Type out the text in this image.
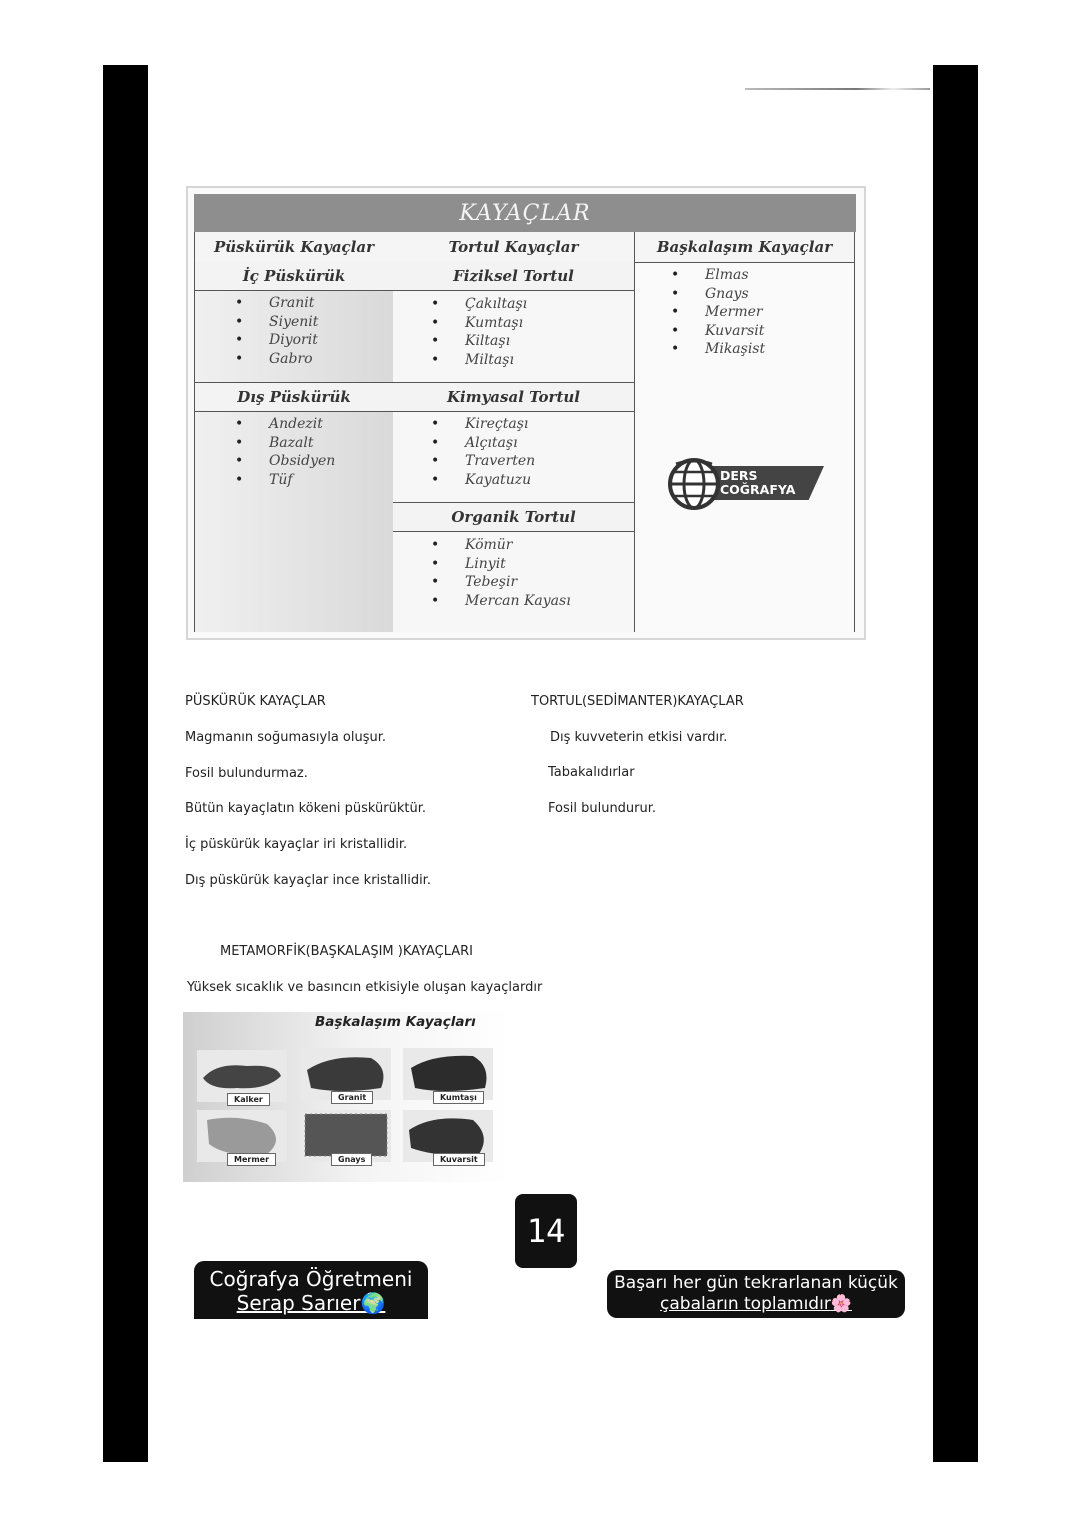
KAYAÇLAR
Püskürük Kayaçlar
İç Püskürük
• Granit
• Siyenit
• Diyorit
• Gabro
Dış Püskürük
• Andezit
• Bazalt
• Obsidyen
• Tüf
Tortul Kayaçlar
Fiziksel Tortul
• Çakıltaşı
• Kumtaşı
• Kiltaşı
• Miltaşı
Kimyasal Tortul
• Kireçtaşı
• Alçıtaşı
• Traverten
• Kayatuzu
Organik Tortul
• Kömür
• Linyit
• Tebeşir
• Mercan Kayası
Başkalaşım Kayaçlar
• Elmas
• Gnays
• Mermer
• Kuvarsit
• Mikaşist
DERS
COĞRAFYA
PÜSKÜRÜK KAYAÇLAR
Magmanın soğumasıyla oluşur.
Fosil bulundurmaz.
Bütün kayaçlatın kökeni püskürüktür.
İç püskürük kayaçlar iri kristallidir.
Dış püskürük kayaçlar ince kristallidir.
TORTUL(SEDİMANTER)KAYAÇLAR
Dış kuvveterin etkisi vardır.
Tabakalıdırlar
Fosil bulundurur.
METAMORFİK(BAŞKALAŞIM )KAYAÇLARI
Yüksek sıcaklık ve basıncın etkisiyle oluşan kayaçlardır
Başkalaşım Kayaçları
Kalker	Granit	Kumtaşı
Mermer	Gnays	Kuvarsit
14
Coğrafya Öğretmeni
Serap Sarıer🌍
Başarı her gün tekrarlanan küçük
çabaların toplamıdır🌸
